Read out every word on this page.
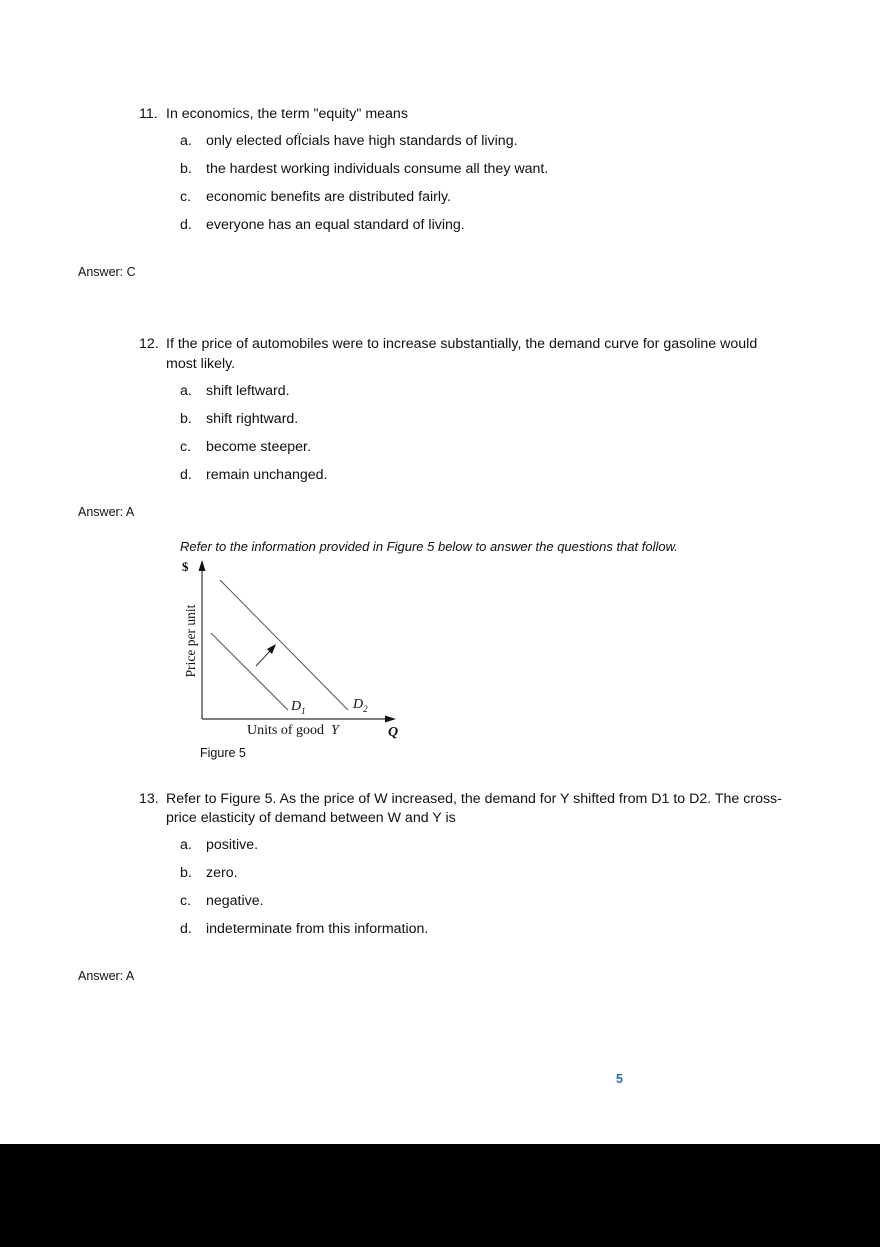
11. In economics, the term "equity" means
a. only elected ofÏcials have high standards of living.
b. the hardest working individuals consume all they want.
c. economic benefits are distributed fairly.
d. everyone has an equal standard of living.
Answer: C
12. If the price of automobiles were to increase substantially, the demand curve for gasoline would
most likely.
a. shift leftward.
b. shift rightward.
c. become steeper.
d. remain unchanged.
Answer: A
Refer to the information provided in Figure 5 below to answer the questions that follow.
$
Price per unit
$D_1$	$D_2$
Units of good Y	Q
Figure 5
13. Refer to Figure 5. As the price of W increased, the demand for Y shifted from D1 to D2. The cross-
price elasticity of demand between W and Y is
a. positive.
b. zero.
c. negative.
d. indeterminate from this information.
Answer: A
5
